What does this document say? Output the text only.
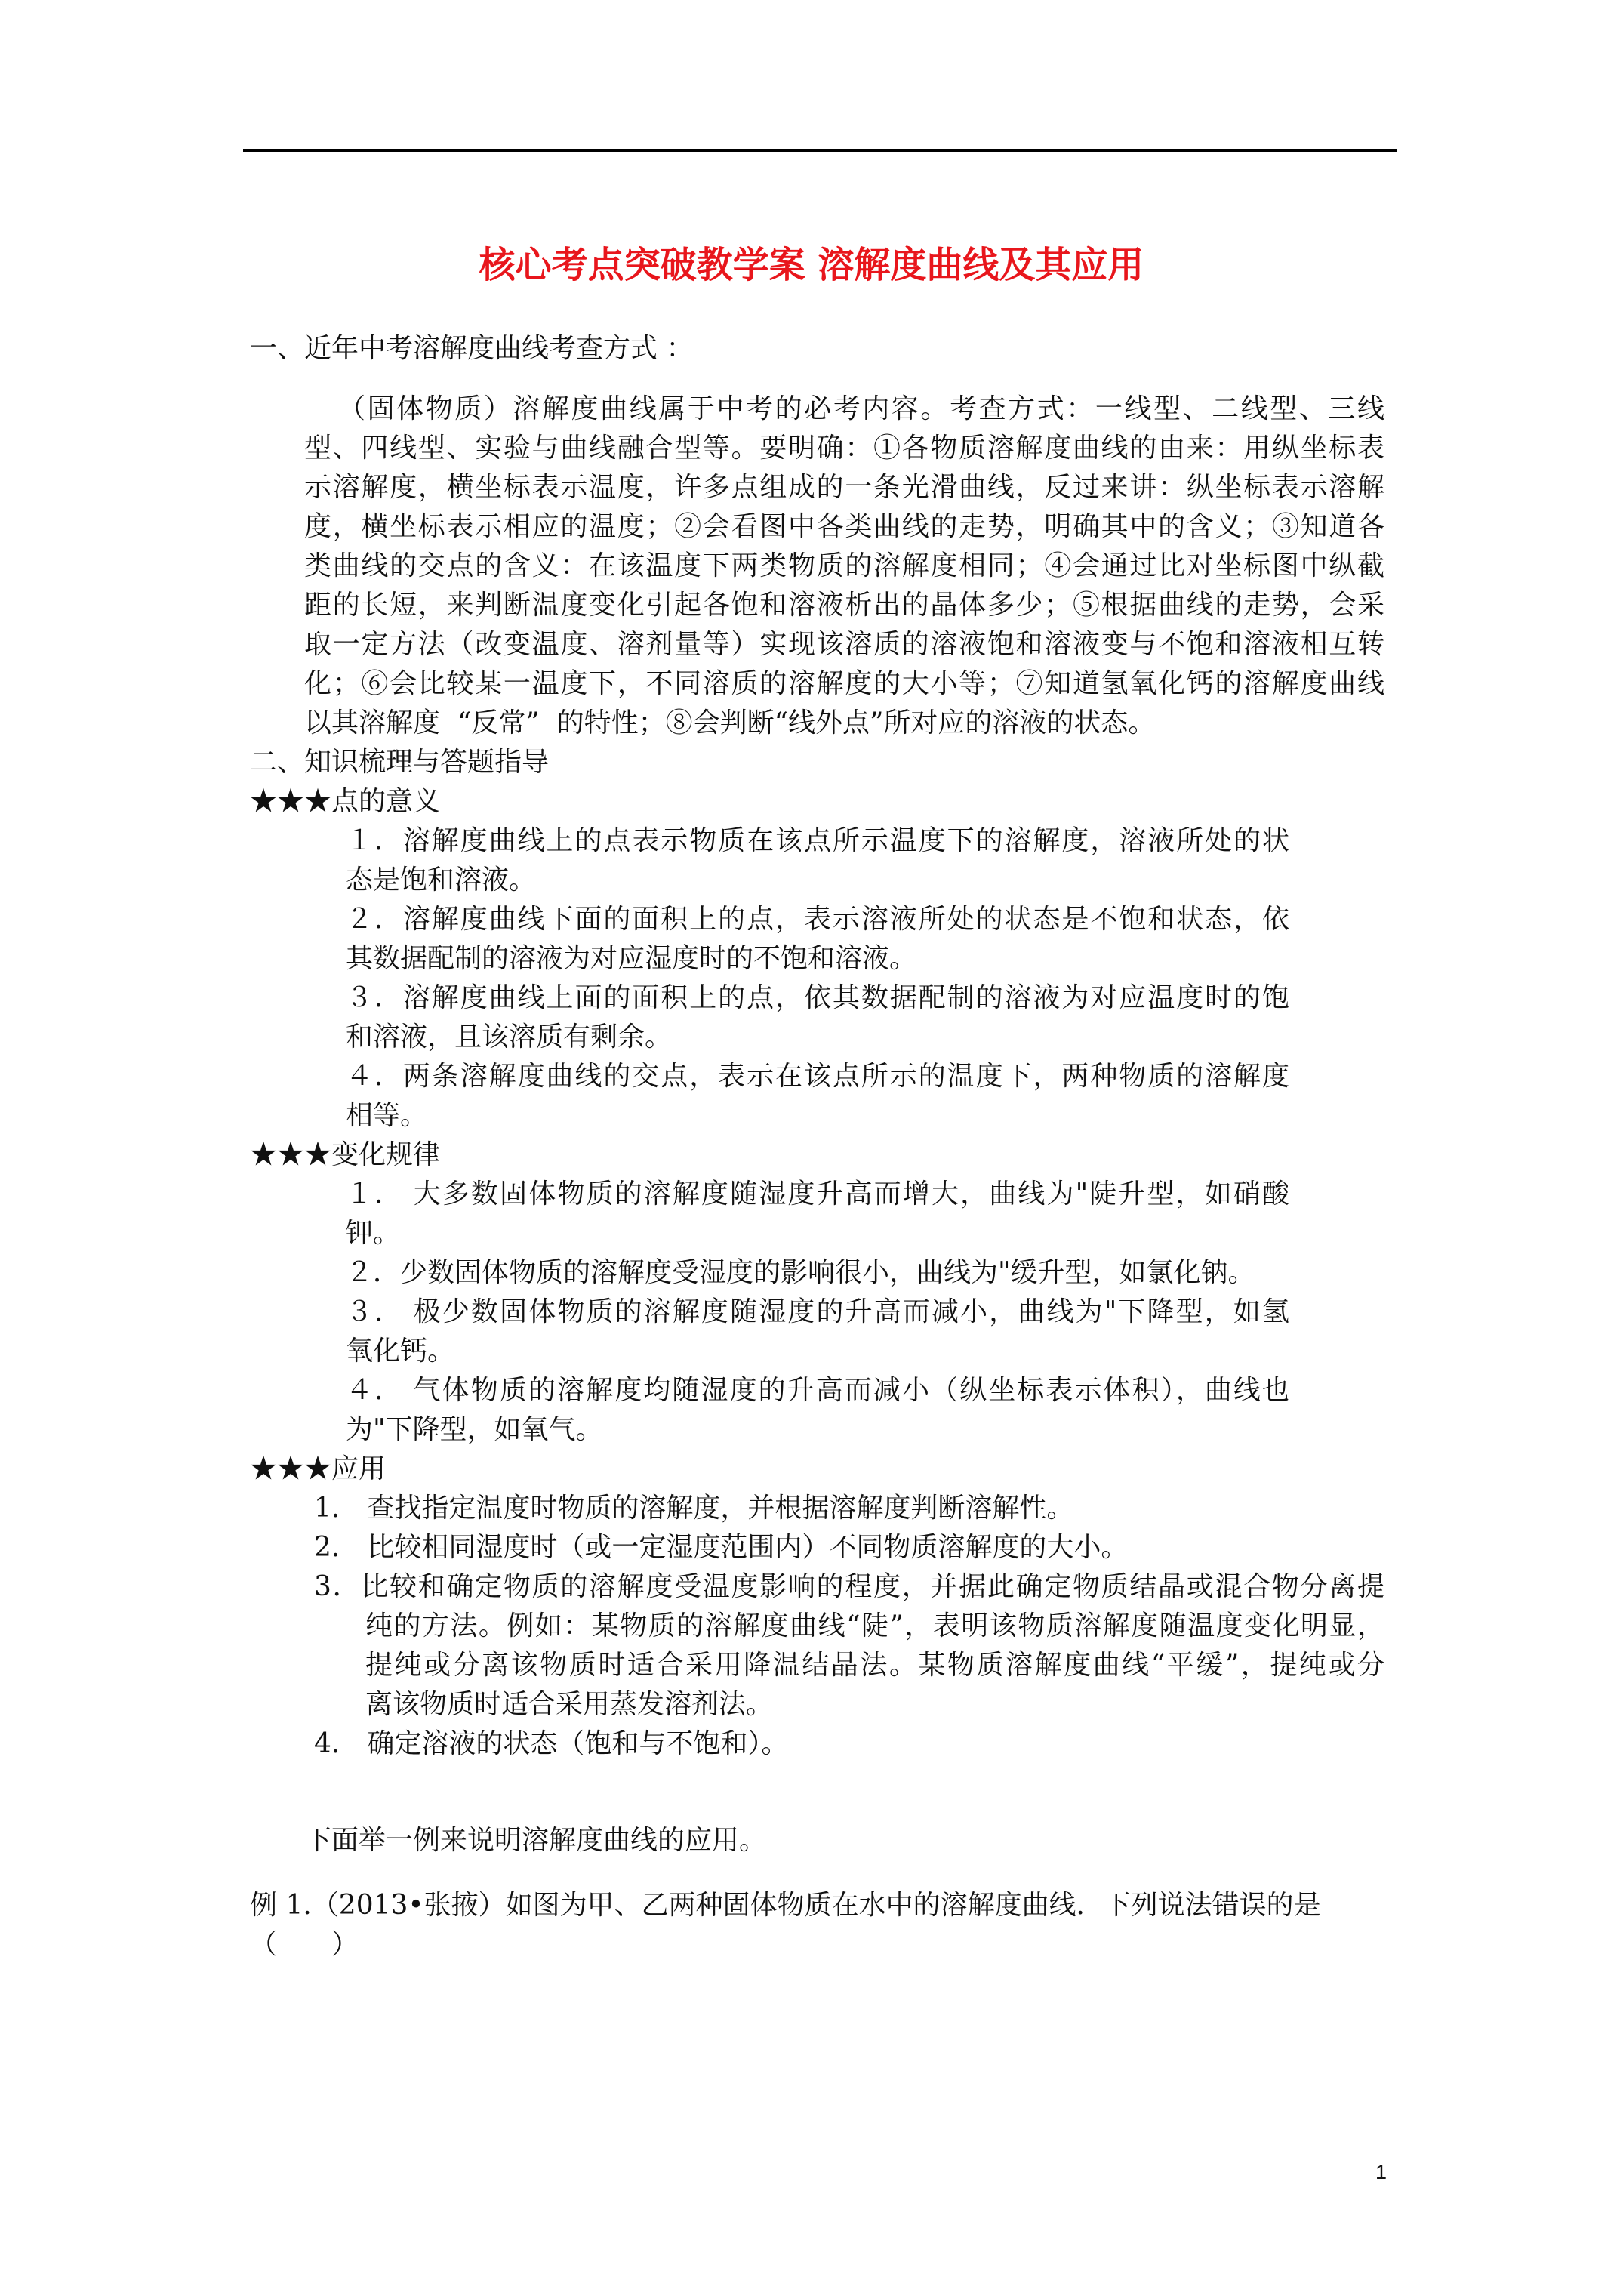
核心考点突破教学案 溶解度曲线及其应用
一、近年中考溶解度曲线考查方式 ：
（固体物质）溶解度曲线属于中考的必考内容。考查方式：一线型、二线型、三线
型、四线型、实验与曲线融合型等。要明确：①各物质溶解度曲线的由来：用纵坐标表
示溶解度，横坐标表示温度，许多点组成的一条光滑曲线，反过来讲：纵坐标表示溶解
度，横坐标表示相应的温度；②会看图中各类曲线的走势，明确其中的含义；③知道各
类曲线的交点的含义：在该温度下两类物质的溶解度相同；④会通过比对坐标图中纵截
距的长短，来判断温度变化引起各饱和溶液析出的晶体多少；⑤根据曲线的走势，会采
取一定方法（改变温度、溶剂量等）实现该溶质的溶液饱和溶液变与不饱和溶液相互转
化；⑥会比较某一温度下，不同溶质的溶解度的大小等；⑦知道氢氧化钙的溶解度曲线
以其溶解度  “反常”  的特性；⑧会判断“线外点”所对应的溶液的状态。
二、知识梳理与答题指导
★★★点的意义
１．溶解度曲线上的点表示物质在该点所示温度下的溶解度，溶液所处的状
态是饱和溶液。
２．溶解度曲线下面的面积上的点，表示溶液所处的状态是不饱和状态，依
其数据配制的溶液为对应湿度时的不饱和溶液。
３．溶解度曲线上面的面积上的点，依其数据配制的溶液为对应温度时的饱
和溶液，且该溶质有剩余。
４．两条溶解度曲线的交点，表示在该点所示的温度下，两种物质的溶解度
相等。
★★★变化规律
１． 大多数固体物质的溶解度随湿度升高而增大，曲线为"陡升型，如硝酸
钾。
２．少数固体物质的溶解度受湿度的影响很小，曲线为"缓升型，如氯化钠。
３． 极少数固体物质的溶解度随湿度的升高而减小，曲线为"下降型，如氢
氧化钙。
４． 气体物质的溶解度均随湿度的升高而减小（纵坐标表示体积），曲线也
为"下降型，如氧气。
★★★应用
1． 查找指定温度时物质的溶解度，并根据溶解度判断溶解性。
2． 比较相同湿度时（或一定湿度范围内）不同物质溶解度的大小。
3．比较和确定物质的溶解度受温度影响的程度，并据此确定物质结晶或混合物分离提
纯的方法。例如：某物质的溶解度曲线“陡”，表明该物质溶解度随温度变化明显，
提纯或分离该物质时适合采用降温结晶法。某物质溶解度曲线“平缓”，提纯或分
离该物质时适合采用蒸发溶剂法。
4． 确定溶液的状态（饱和与不饱和）。
下面举一例来说明溶解度曲线的应用。
例 1.（2013•张掖）如图为甲、乙两种固体物质在水中的溶解度曲线．下列说法错误的是
（　　）
1
